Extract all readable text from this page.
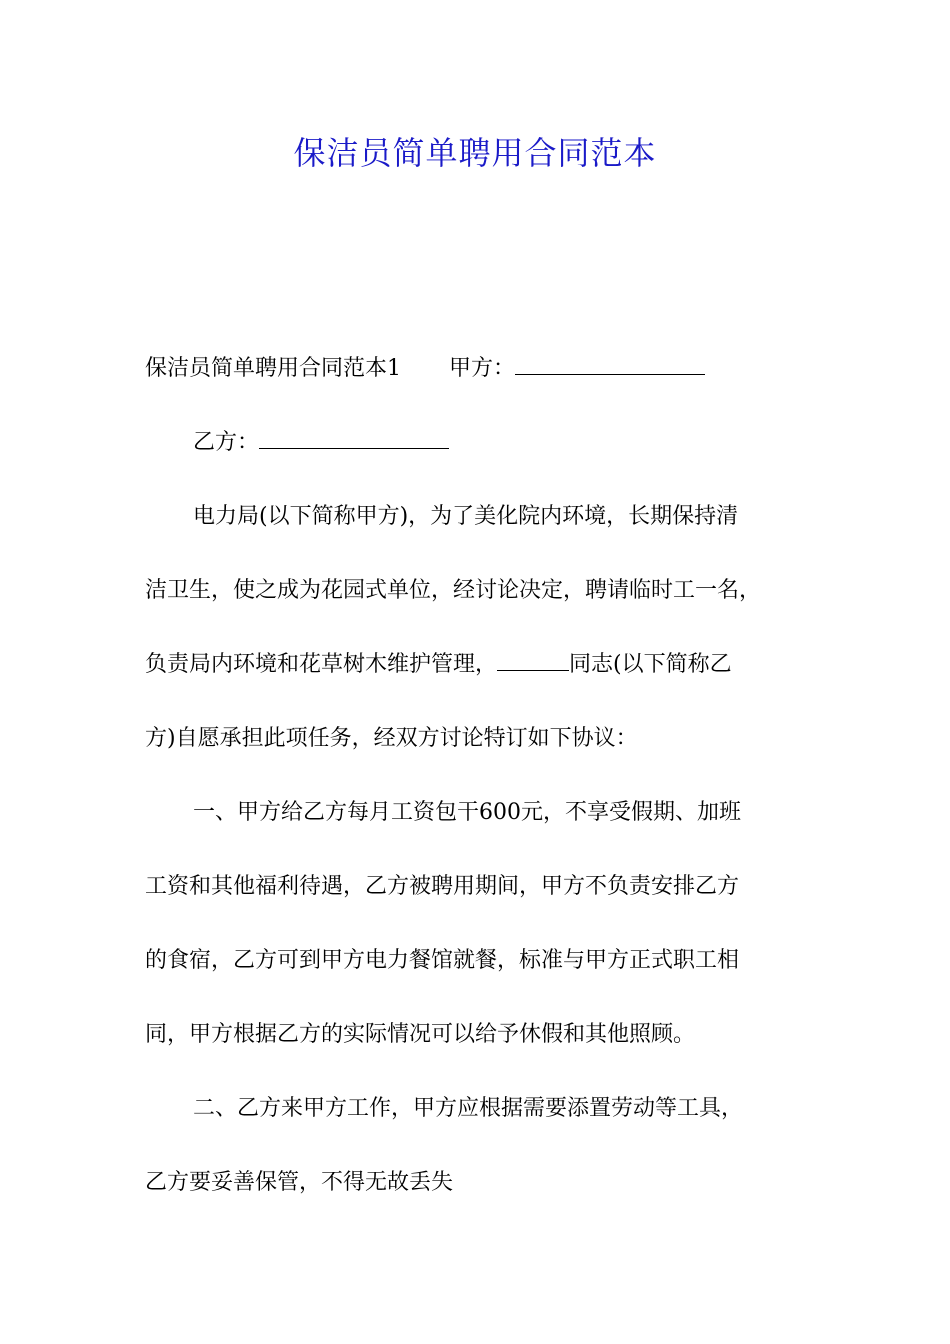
保洁员简单聘用合同范本
保洁员简单聘用合同范本1 甲方：
乙方：
电力局(以下简称甲方)，为了美化院内环境，长期保持清
洁卫生，使之成为花园式单位，经讨论决定，聘请临时工一名，
负责局内环境和花草树木维护管理，	同志(以下简称乙
方)自愿承担此项任务，经双方讨论特订如下协议：
一、甲方给乙方每月工资包干600元，不享受假期、加班
工资和其他福利待遇，乙方被聘用期间，甲方不负责安排乙方
的食宿，乙方可到甲方电力餐馆就餐，标准与甲方正式职工相
同，甲方根据乙方的实际情况可以给予休假和其他照顾。
二、乙方来甲方工作，甲方应根据需要添置劳动等工具，
乙方要妥善保管，不得无故丢失
